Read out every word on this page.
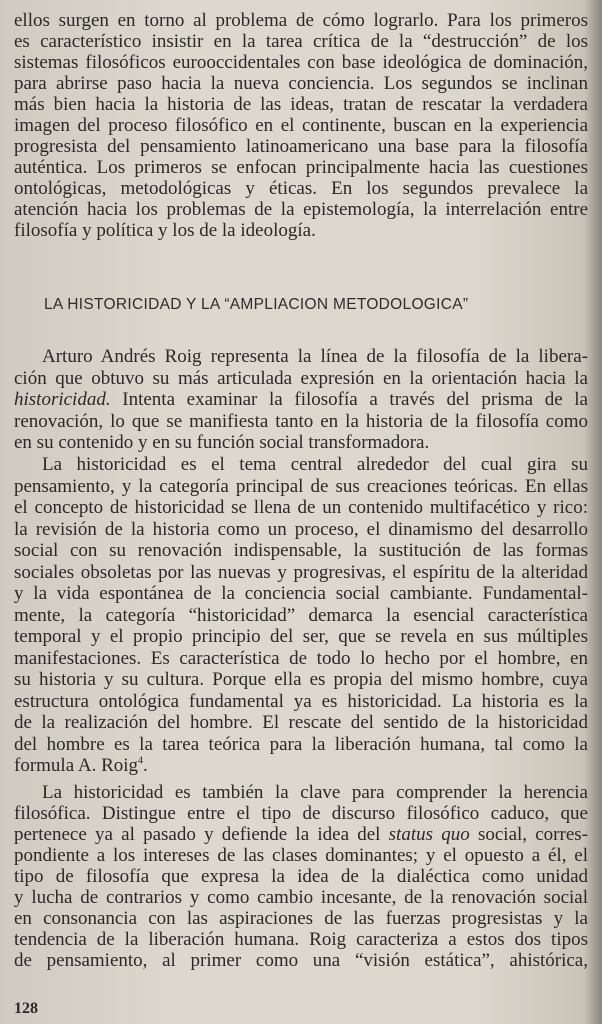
ellos surgen en torno al problema de cómo lograrlo. Para los primeros
es característico insistir en la tarea crítica de la “destrucción” de los
sistemas filosóficos eurooccidentales con base ideológica de dominación,
para abrirse paso hacia la nueva conciencia. Los segundos se inclinan
más bien hacia la historia de las ideas, tratan de rescatar la verdadera
imagen del proceso filosófico en el continente, buscan en la experiencia
progresista del pensamiento latinoamericano una base para la filosofía
auténtica. Los primeros se enfocan principalmente hacia las cuestiones
ontológicas, metodológicas y éticas. En los segundos prevalece la
atención hacia los problemas de la epistemología, la interrelación entre
filosofía y política y los de la ideología.
LA HISTORICIDAD Y LA “AMPLIACION METODOLOGICA”
Arturo Andrés Roig representa la línea de la filosofía de la libera-
ción que obtuvo su más articulada expresión en la orientación hacia la
historicidad. Intenta examinar la filosofía a través del prisma de la
renovación, lo que se manifiesta tanto en la historia de la filosofía como
en su contenido y en su función social transformadora.
La historicidad es el tema central alrededor del cual gira su
pensamiento, y la categoría principal de sus creaciones teóricas. En ellas
el concepto de historicidad se llena de un contenido multifacético y rico:
la revisión de la historia como un proceso, el dinamismo del desarrollo
social con su renovación indispensable, la sustitución de las formas
sociales obsoletas por las nuevas y progresivas, el espíritu de la alteridad
y la vida espontánea de la conciencia social cambiante. Fundamental-
mente, la categoría “historicidad” demarca la esencial característica
temporal y el propio principio del ser, que se revela en sus múltiples
manifestaciones. Es característica de todo lo hecho por el hombre, en
su historia y su cultura. Porque ella es propia del mismo hombre, cuya
estructura ontológica fundamental ya es historicidad. La historia es la
de la realización del hombre. El rescate del sentido de la historicidad
del hombre es la tarea teórica para la liberación humana, tal como la
formula A. Roig$^4$.
La historicidad es también la clave para comprender la herencia
filosófica. Distingue entre el tipo de discurso filosófico caduco, que
pertenece ya al pasado y defiende la idea del status quo social, corres-
pondiente a los intereses de las clases dominantes; y el opuesto a él, el
tipo de filosofía que expresa la idea de la dialéctica como unidad
y lucha de contrarios y como cambio incesante, de la renovación social
en consonancia con las aspiraciones de las fuerzas progresistas y la
tendencia de la liberación humana. Roig caracteriza a estos dos tipos
de pensamiento, al primer como una “visión estática”, ahistórica,
128
